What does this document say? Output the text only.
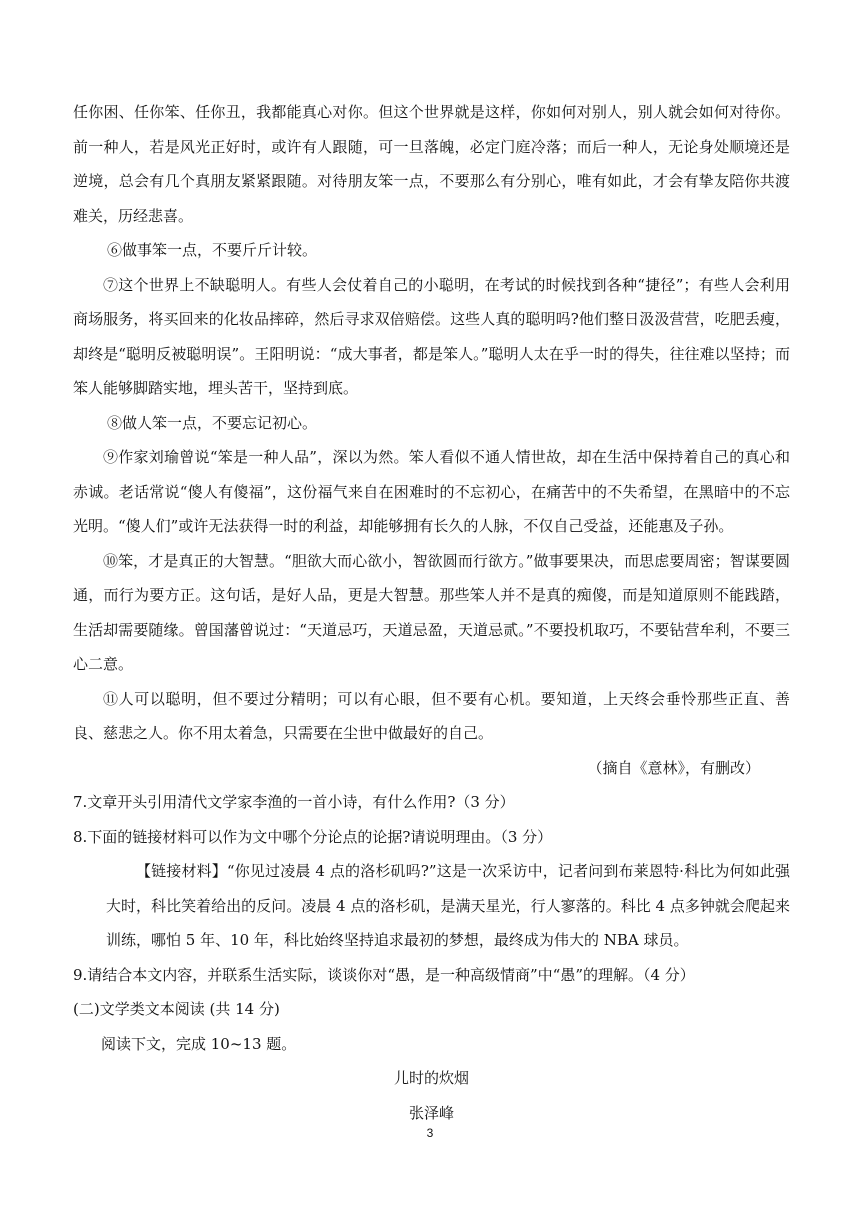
任你困、任你笨、任你丑，我都能真心对你。但这个世界就是这样，你如何对别人，别人就会如何对待你。前一种人，若是风光正好时，或许有人跟随，可一旦落魄，必定门庭冷落；而后一种人，无论身处顺境还是逆境，总会有几个真朋友紧紧跟随。对待朋友笨一点，不要那么有分别心，唯有如此，才会有挚友陪你共渡难关，历经悲喜。

⑥做事笨一点，不要斤斤计较。

⑦这个世界上不缺聪明人。有些人会仗着自己的小聪明，在考试的时候找到各种“捷径”；有些人会利用商场服务，将买回来的化妆品摔碎，然后寻求双倍赔偿。这些人真的聪明吗?他们整日汲汲营营，吃肥丢瘦，却终是“聪明反被聪明误”。王阳明说：“成大事者，都是笨人。”聪明人太在乎一时的得失，往往难以坚持；而笨人能够脚踏实地，埋头苦干，坚持到底。

⑧做人笨一点，不要忘记初心。

⑨作家刘瑜曾说“笨是一种人品”，深以为然。笨人看似不通人情世故，却在生活中保持着自己的真心和赤诚。老话常说“傻人有傻福”，这份福气来自在困难时的不忘初心，在痛苦中的不失希望，在黑暗中的不忘光明。“傻人们”或许无法获得一时的利益，却能够拥有长久的人脉，不仅自己受益，还能惠及子孙。

⑩笨，才是真正的大智慧。“胆欲大而心欲小，智欲圆而行欲方。”做事要果决，而思虑要周密；智谋要圆通，而行为要方正。这句话，是好人品，更是大智慧。那些笨人并不是真的痴傻，而是知道原则不能践踏，生活却需要随缘。曾国藩曾说过：“天道忌巧，天道忌盈，天道忌贰。”不要投机取巧，不要钻营牟利，不要三心二意。

⑪人可以聪明，但不要过分精明；可以有心眼，但不要有心机。要知道，上天终会垂怜那些正直、善良、慈悲之人。你不用太着急，只需要在尘世中做最好的自己。

（摘自《意林》，有删改）

7.文章开头引用清代文学家李渔的一首小诗，有什么作用?（3 分）

8.下面的链接材料可以作为文中哪个分论点的论据?请说明理由。（3 分）

【链接材料】“你见过凌晨 4 点的洛杉矶吗?”这是一次采访中，记者问到布莱恩特·科比为何如此强大时，科比笑着给出的反问。凌晨 4 点的洛杉矶，是满天星光，行人寥落的。科比 4 点多钟就会爬起来训练，哪怕 5 年、10 年，科比始终坚持追求最初的梦想，最终成为伟大的 NBA 球员。

9.请结合本文内容，并联系生活实际，谈谈你对“愚，是一种高级情商”中“愚”的理解。（4 分）

(二)文学类文本阅读 (共 14 分)

阅读下文，完成 10~13 题。

儿时的炊烟

张泽峰

3
